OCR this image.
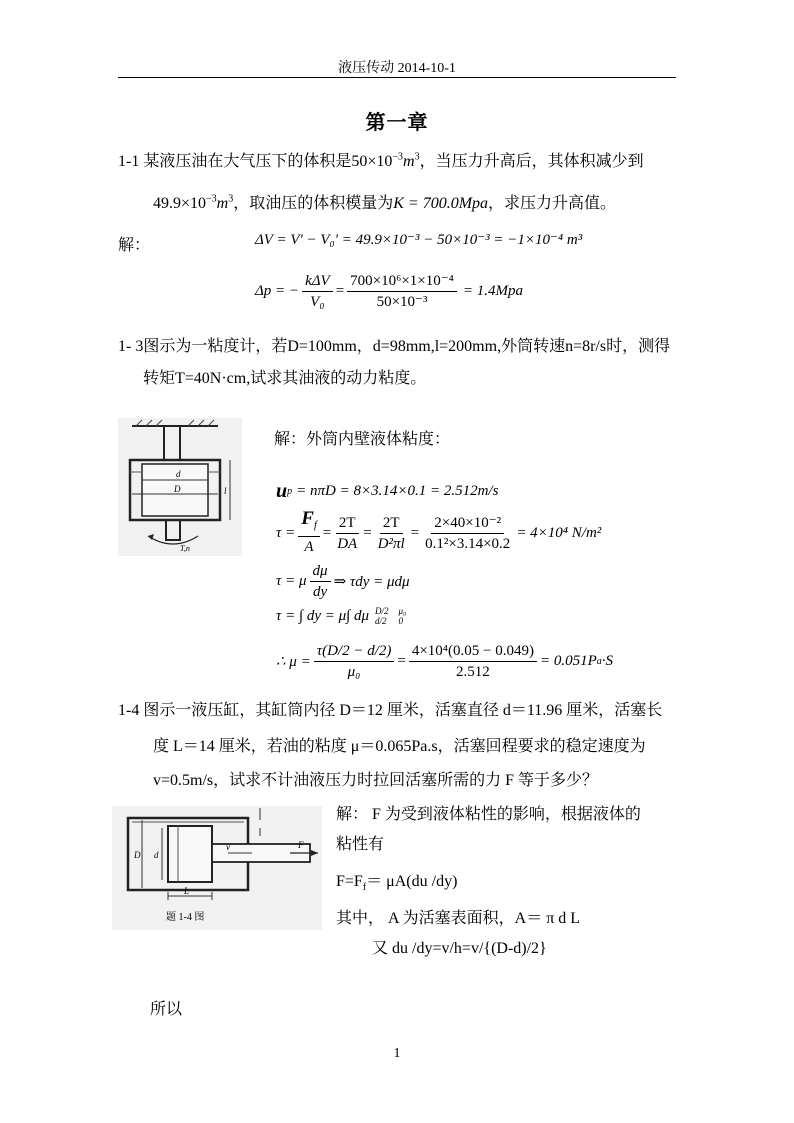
液压传动 2014-10-1
第一章
1-1 某液压油在大气压下的体积是$50\times 10^{-3}m^3$，当压力升高后，其体积减少到
$49.9\times 10^{-3}m^3$，取油压的体积模量为K = 700.0Mpa，求压力升高值。
解：	ΔV = V′ − V₀′ = 49.9×10⁻³ − 50×10⁻³ = −1×10⁻⁴ m³
Δp = − $\frac{\text{kΔV}}{\text{V₀}} = \frac{\text{700×10⁶×1×10⁻⁴}}{\text{50×10⁻³}} = 1.4Mpa$
1- 3图示为一粘度计，若D=100mm，d=98mm,l=200mm,外筒转速n=8r/s时，测得
转矩T=40N·cm,试求其油液的动力粘度。
d
D	l
T,n
解：外筒内壁液体粘度：
u p = nπD = 8×3.14×0.1 = 2.512m/s
$\tau = \frac{F_f}{A} = \frac{2T}{DA} = \frac{2T}{\text{D²πl}} = \frac{\text{2×40×10⁻²}}{\text{0.1²×3.14×0.2}} = 4\times 10^4$ N/m²
τ = μ $\frac{d\mu}{dy}$ ⇒ τdy = μdμ
τ = ∫ dy = μ∫ dμ D/2
d/2
μ₀
0
∴ $\mu = \frac{\tau(D/2 - d/2)}{\text{μ₀}} = \frac{\text{4×10⁴(0.05 − 0.049)}}{2.512} = 0.051P$ a ·S
1-4 图示一液压缸，其缸筒内径 D＝12 厘米，活塞直径 d＝11.96 厘米，活塞长
度 L＝14 厘米，若油的粘度 μ＝0.065Pa.s，活塞回程要求的稳定速度为
v=0.5m/s，试求不计油液压力时拉回活塞所需的力 F 等于多少？
D d
v	F
L
题 1-4 图
解： F 为受到液体粘性的影响，根据液体的
粘性有
$F=F_f= \mu A(du$ /dy)
其中， A 为活塞表面积，A＝ π d L
又 du /dy=v/h=v/{(D-d)/2}
所以
1
